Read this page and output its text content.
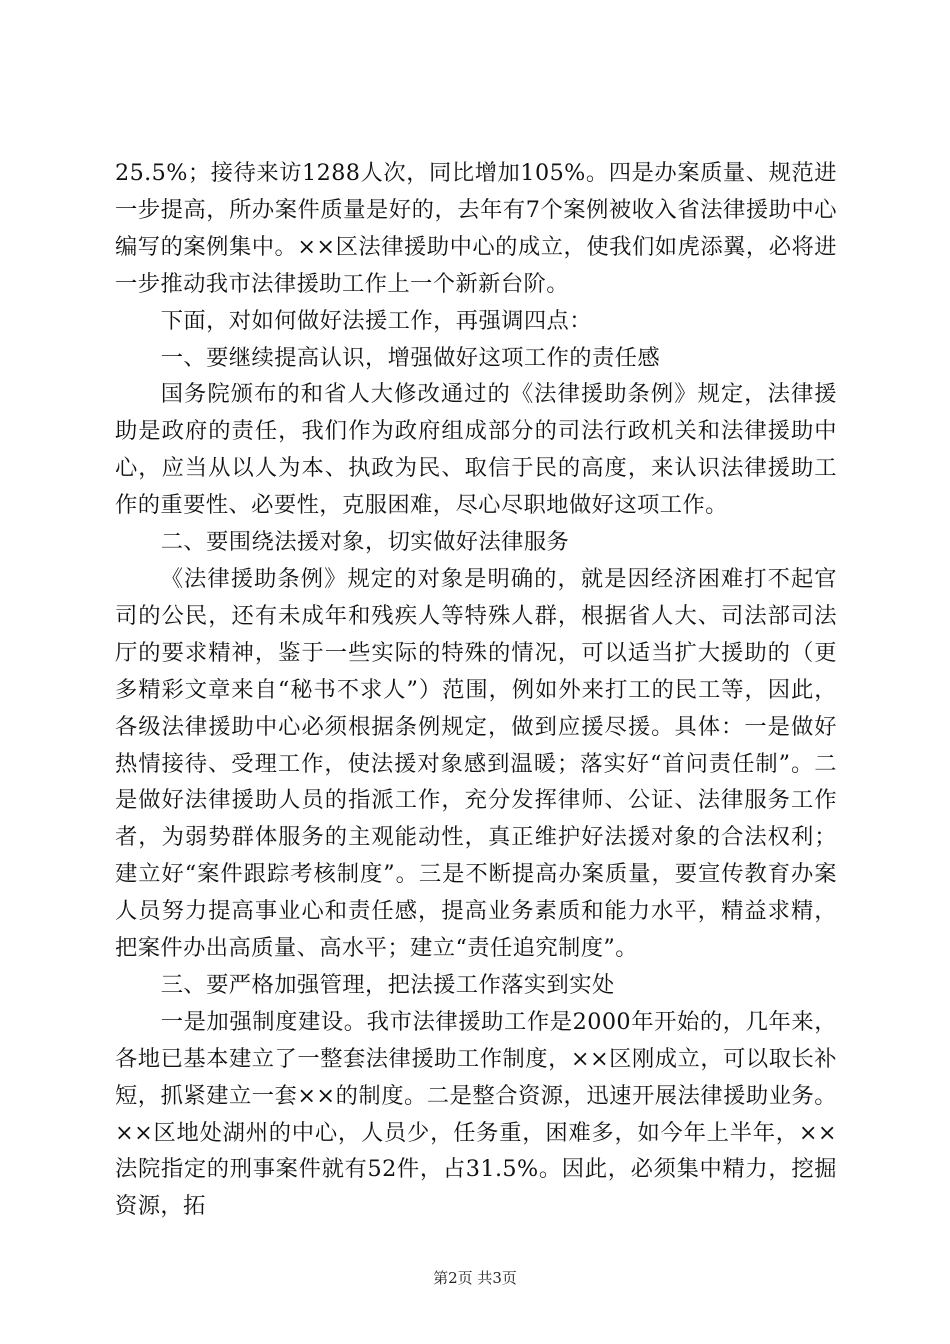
25.5%；接待来访1288人次，同比增加105%。四是办案质量、规范进一步提高，所办案件质量是好的，去年有7个案例被收入省法律援助中心编写的案例集中。××区法律援助中心的成立，使我们如虎添翼，必将进一步推动我市法律援助工作上一个新新台阶。

下面，对如何做好法援工作，再强调四点：

一、要继续提高认识，增强做好这项工作的责任感

国务院颁布的和省人大修改通过的《法律援助条例》规定，法律援助是政府的责任，我们作为政府组成部分的司法行政机关和法律援助中心，应当从以人为本、执政为民、取信于民的高度，来认识法律援助工作的重要性、必要性，克服困难，尽心尽职地做好这项工作。

二、要围绕法援对象，切实做好法律服务

《法律援助条例》规定的对象是明确的，就是因经济困难打不起官司的公民，还有未成年和残疾人等特殊人群，根据省人大、司法部司法厅的要求精神，鉴于一些实际的特殊的情况，可以适当扩大援助的（更多精彩文章来自“秘书不求人”）范围，例如外来打工的民工等，因此，各级法律援助中心必须根据条例规定，做到应援尽援。具体：一是做好热情接待、受理工作，使法援对象感到温暖；落实好“首问责任制”。二是做好法律援助人员的指派工作，充分发挥律师、公证、法律服务工作者，为弱势群体服务的主观能动性，真正维护好法援对象的合法权利；建立好“案件跟踪考核制度”。三是不断提高办案质量，要宣传教育办案人员努力提高事业心和责任感，提高业务素质和能力水平，精益求精，把案件办出高质量、高水平；建立“责任追究制度”。

三、要严格加强管理，把法援工作落实到实处

一是加强制度建设。我市法律援助工作是2000年开始的，几年来，各地已基本建立了一整套法律援助工作制度，××区刚成立，可以取长补短，抓紧建立一套××的制度。二是整合资源，迅速开展法律援助业务。××区地处湖州的中心，人员少，任务重，困难多，如今年上半年，××法院指定的刑事案件就有52件，占31.5%。因此，必须集中精力，挖掘资源，拓

第2页 共3页
